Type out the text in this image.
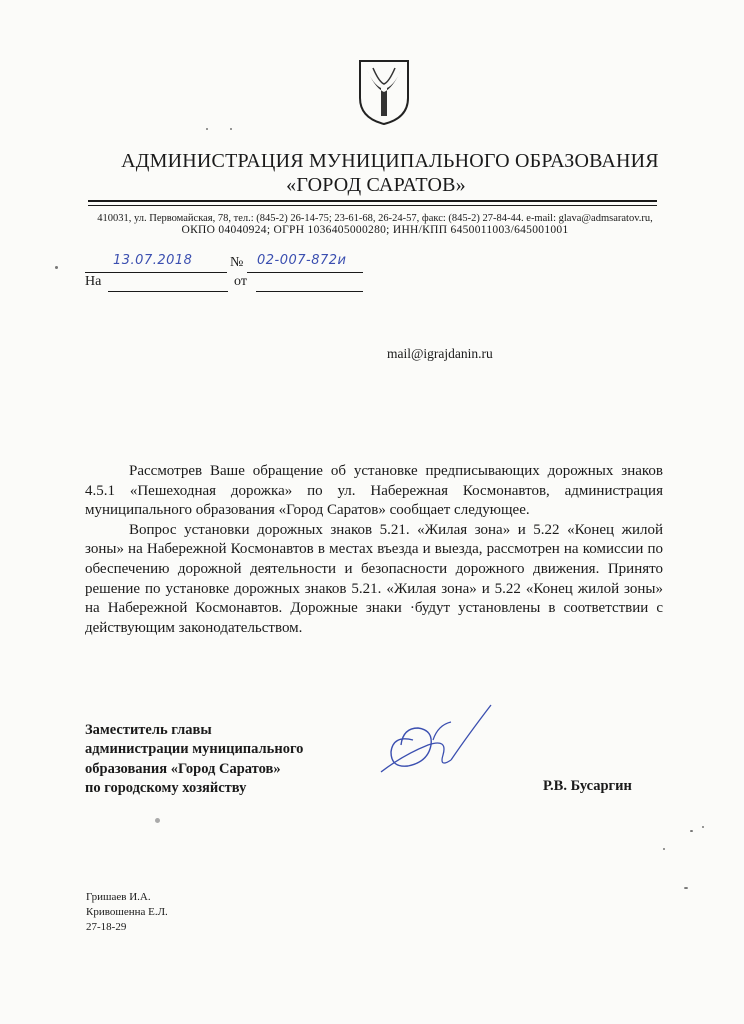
АДМИНИСТРАЦИЯ МУНИЦИПАЛЬНОГО ОБРАЗОВАНИЯ
«ГОРОД САРАТОВ»
410031, ул. Первомайская, 78, тел.: (845-2) 26-14-75; 23-61-68, 26-24-57, факс: (845-2) 27-84-44. e-mail: glava@admsaratov.ru,
ОКПО 04040924; ОГРН 1036405000280; ИНН/КПП 6450011003/645001001
13.07.2018	№ 02-007-872и
На	от
mail@igrajdanin.ru

Рассмотрев Ваше обращение об установке предписывающих дорожных знаков 4.5.1 «Пешеходная дорожка» по ул. Набережная Космонавтов, администрация муниципального образования «Город Саратов» сообщает следующее.

Вопрос установки дорожных знаков 5.21. «Жилая зона» и 5.22 «Конец жилой зоны» на Набережной Космонавтов в местах въезда и выезда, рассмотрен на комиссии по обеспечению дорожной деятельности и безопасности дорожного движения. Принято решение по установке дорожных знаков 5.21. «Жилая зона» и 5.22 «Конец жилой зоны» на Набережной Космонавтов. Дорожные знаки ·будут установлены в соответствии с действующим законодательством.

Заместитель главы
администрации муниципального
образования «Город Саратов»
по городскому хозяйству	Р.В. Бусаргин
Гришаев И.А.
Кривошенна Е.Л.
27-18-29
